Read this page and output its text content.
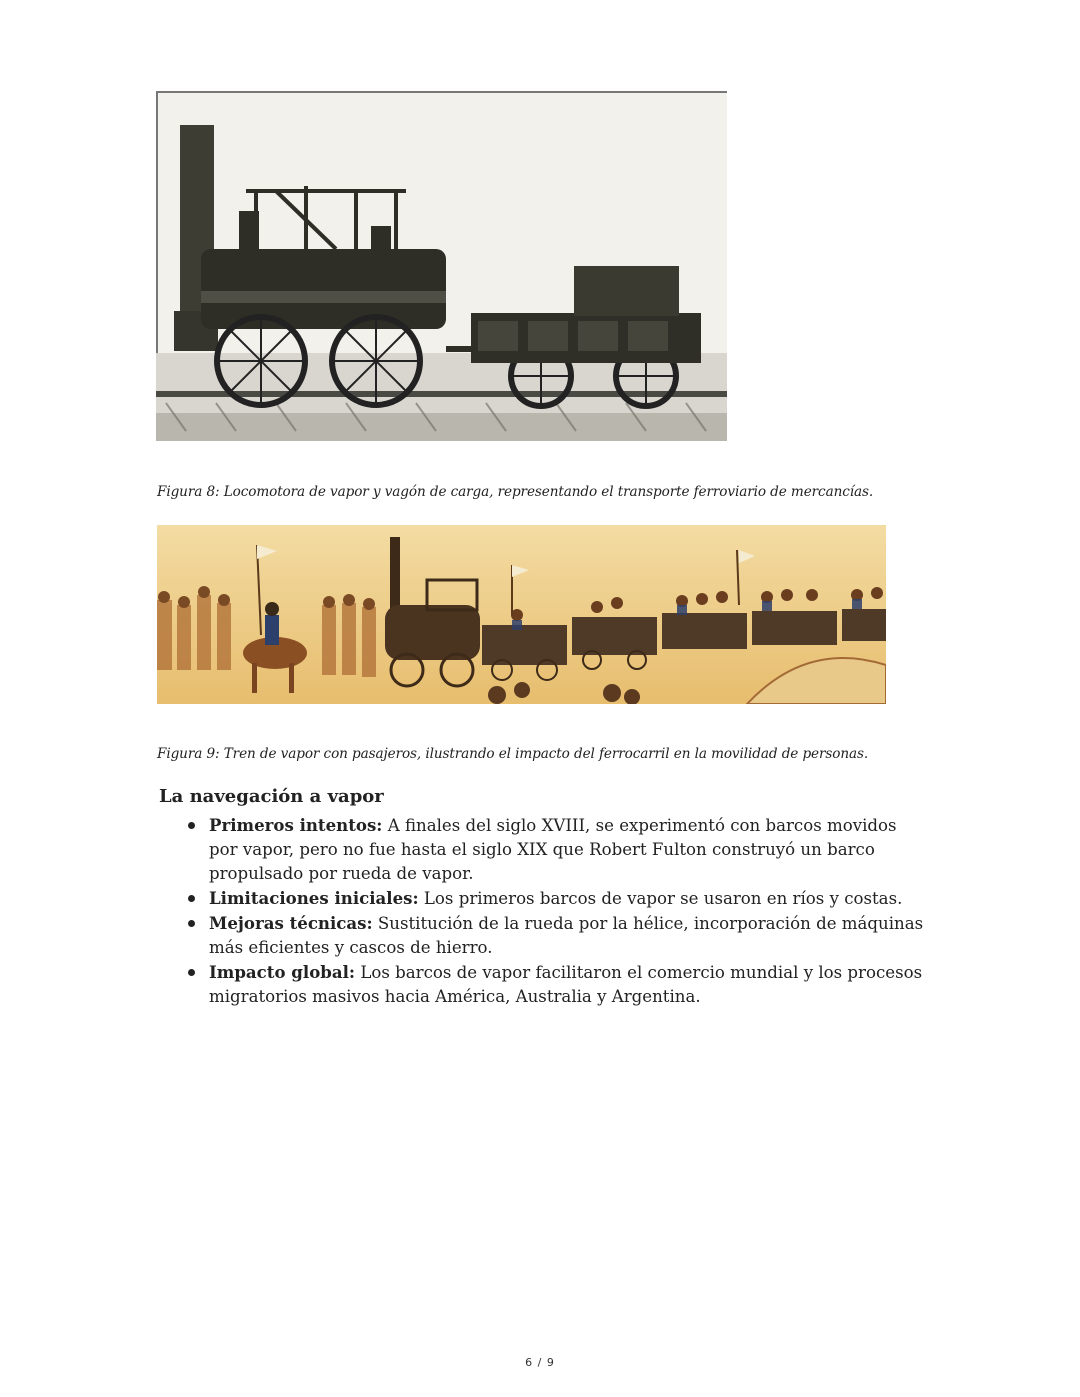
Figura 8: Locomotora de vapor y vagón de carga, representando el transporte ferroviario de mercancías.
Figura 9: Tren de vapor con pasajeros, ilustrando el impacto del ferrocarril en la movilidad de personas.
La navegación a vapor
Primeros intentos: A finales del siglo XVIII, se experimentó con barcos movidos por vapor, pero no fue hasta el siglo XIX que Robert Fulton construyó un barco propulsado por rueda de vapor.
Limitaciones iniciales: Los primeros barcos de vapor se usaron en ríos y costas.
Mejoras técnicas: Sustitución de la rueda por la hélice, incorporación de máquinas más eficientes y cascos de hierro.
Impacto global: Los barcos de vapor facilitaron el comercio mundial y los procesos migratorios masivos hacia América, Australia y Argentina.
6 / 9
